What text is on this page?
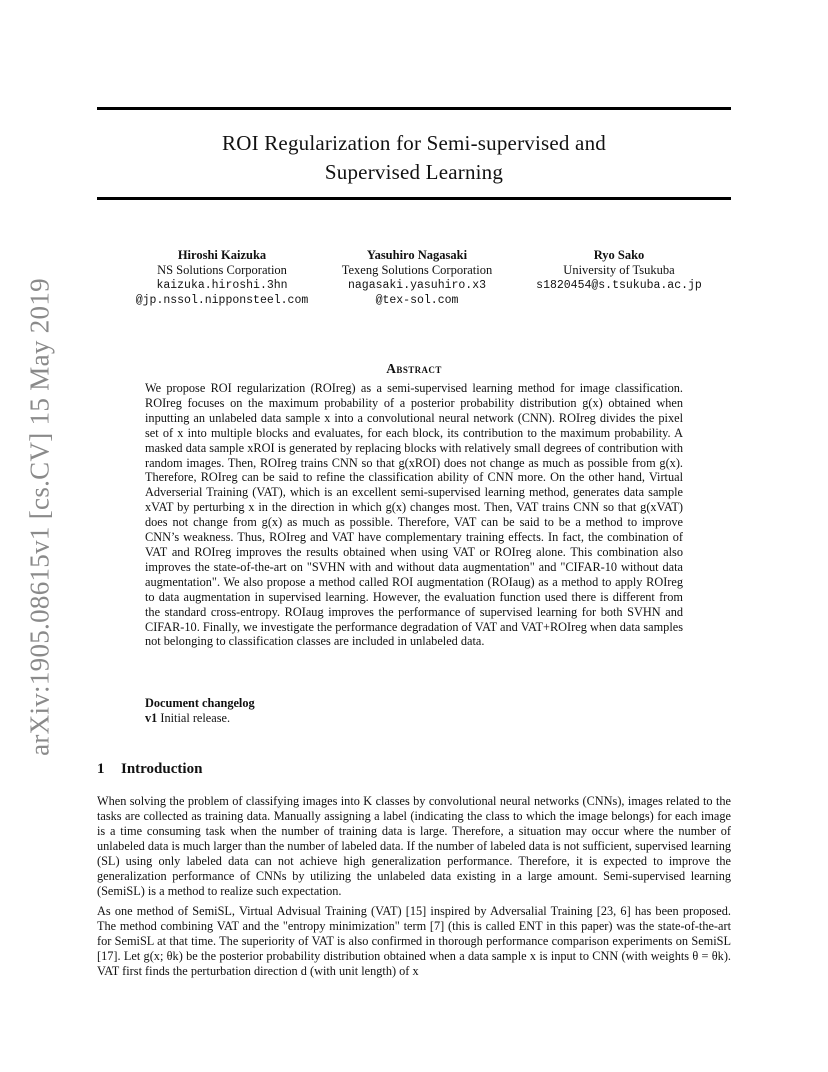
arXiv:1905.08615v1 [cs.CV] 15 May 2019
ROI Regularization for Semi-supervised and
Supervised Learning
Hiroshi Kaizuka
NS Solutions Corporation
kaizuka.hiroshi.3hn
@jp.nssol.nipponsteel.com
Yasuhiro Nagasaki
Texeng Solutions Corporation
nagasaki.yasuhiro.x3
@tex-sol.com
Ryo Sako
University of Tsukuba
s1820454@s.tsukuba.ac.jp
Abstract
We propose ROI regularization (ROIreg) as a semi-supervised learning method for image classification. ROIreg focuses on the maximum probability of a posterior probability distribution g(x) obtained when inputting an unlabeled data sample x into a convolutional neural network (CNN). ROIreg divides the pixel set of x into multiple blocks and evaluates, for each block, its contribution to the maximum probability. A masked data sample xROI is generated by replacing blocks with relatively small degrees of contribution with random images. Then, ROIreg trains CNN so that g(xROI) does not change as much as possible from g(x). Therefore, ROIreg can be said to refine the classification ability of CNN more. On the other hand, Virtual Adverserial Training (VAT), which is an excellent semi-supervised learning method, generates data sample xVAT by perturbing x in the direction in which g(x) changes most. Then, VAT trains CNN so that g(xVAT) does not change from g(x) as much as possible. Therefore, VAT can be said to be a method to improve CNN’s weakness. Thus, ROIreg and VAT have complementary training effects. In fact, the combination of VAT and ROIreg improves the results obtained when using VAT or ROIreg alone. This combination also improves the state-of-the-art on "SVHN with and without data augmentation" and "CIFAR-10 without data augmentation". We also propose a method called ROI augmentation (ROIaug) as a method to apply ROIreg to data augmentation in supervised learning. However, the evaluation function used there is different from the standard cross-entropy. ROIaug improves the performance of supervised learning for both SVHN and CIFAR-10. Finally, we investigate the performance degradation of VAT and VAT+ROIreg when data samples not belonging to classification classes are included in unlabeled data.
Document changelog
v1 Initial release.
1 Introduction
When solving the problem of classifying images into K classes by convolutional neural networks (CNNs), images related to the tasks are collected as training data. Manually assigning a label (indicating the class to which the image belongs) for each image is a time consuming task when the number of training data is large. Therefore, a situation may occur where the number of unlabeled data is much larger than the number of labeled data. If the number of labeled data is not sufficient, supervised learning (SL) using only labeled data can not achieve high generalization performance. Therefore, it is expected to improve the generalization performance of CNNs by utilizing the unlabeled data existing in a large amount. Semi-supervised learning (SemiSL) is a method to realize such expectation.
As one method of SemiSL, Virtual Advisual Training (VAT) [15] inspired by Adversalial Training [23, 6] has been proposed. The method combining VAT and the "entropy minimization" term [7] (this is called ENT in this paper) was the state-of-the-art for SemiSL at that time. The superiority of VAT is also confirmed in thorough performance comparison experiments on SemiSL [17]. Let g(x; θk) be the posterior probability distribution obtained when a data sample x is input to CNN (with weights θ = θk). VAT first finds the perturbation direction d (with unit length) of x
